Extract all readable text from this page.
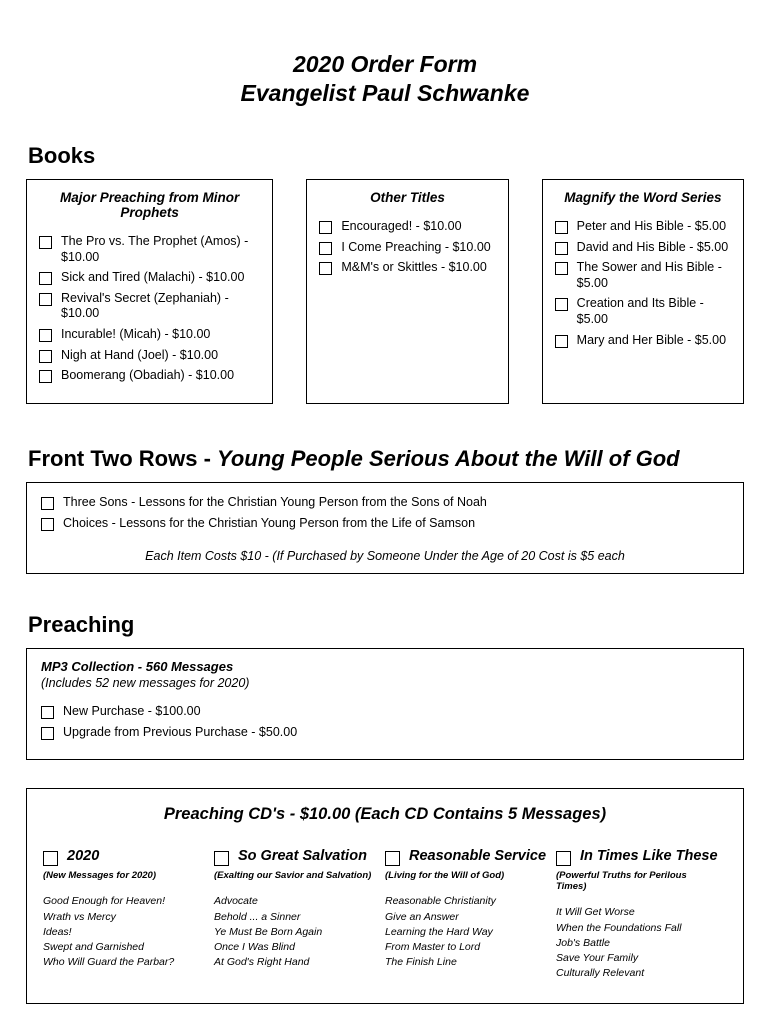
2020 Order Form
Evangelist Paul Schwanke
Books
Major Preaching from Minor Prophets
The Pro vs. The Prophet (Amos) - $10.00
Sick and Tired (Malachi) - $10.00
Revival's Secret (Zephaniah) - $10.00
Incurable! (Micah) - $10.00
Nigh at Hand (Joel) - $10.00
Boomerang (Obadiah) - $10.00
Other Titles
Encouraged! - $10.00
I Come Preaching - $10.00
M&M's or Skittles - $10.00
Magnify the Word Series
Peter and His Bible - $5.00
David and His Bible - $5.00
The Sower and His Bible - $5.00
Creation and Its Bible - $5.00
Mary and Her Bible - $5.00
Front Two Rows - Young People Serious About the Will of God
Three Sons - Lessons for the Christian Young Person from the Sons of Noah
Choices - Lessons for the Christian Young Person from the Life of Samson
Each Item Costs $10 - (If Purchased by Someone Under the Age of 20 Cost is $5 each
Preaching
MP3 Collection - 560 Messages
(Includes 52 new messages for 2020)
New Purchase - $100.00
Upgrade from Previous Purchase - $50.00
Preaching CD's - $10.00 (Each CD Contains 5 Messages)
2020
(New Messages for 2020)
Good Enough for Heaven!
Wrath vs Mercy
Ideas!
Swept and Garnished
Who Will Guard the Parbar?
So Great Salvation
(Exalting our Savior and Salvation)
Advocate
Behold ... a Sinner
Ye Must Be Born Again
Once I Was Blind
At God's Right Hand
Reasonable Service
(Living for the Will of God)
Reasonable Christianity
Give an Answer
Learning the Hard Way
From Master to Lord
The Finish Line
In Times Like These
(Powerful Truths for Perilous Times)
It Will Get Worse
When the Foundations Fall
Job's Battle
Save Your Family
Culturally Relevant
